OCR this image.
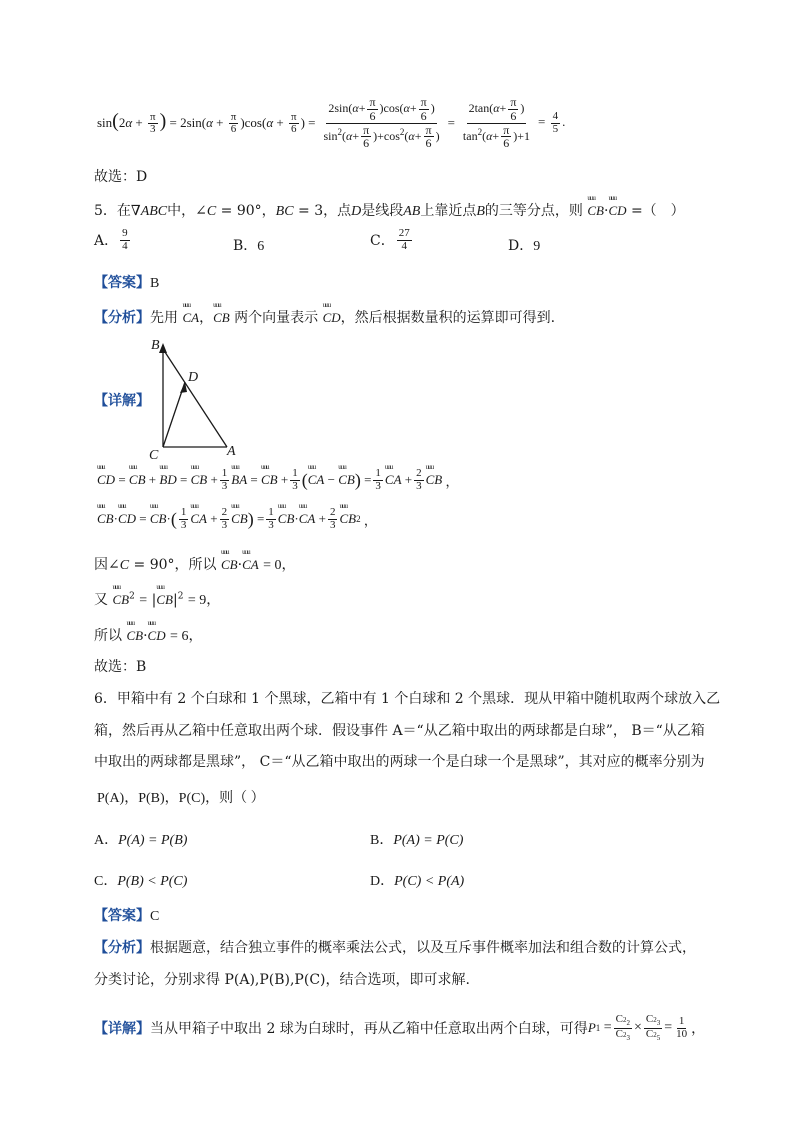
$\sin(2\alpha + \frac{\pi}{3}$ ) = $2\sin(\alpha + \frac{\pi}{6} )\cos(\alpha + \frac{\pi}{6}$ ) = $\frac{2\sin(\alpha+ \frac{\pi}{6} )\cos(\alpha+ \frac{\pi}{6} )}{\sin^2(\alpha+ \frac{\pi}{6} )+\cos^2(\alpha+ \frac{\pi}{6} )} = \frac{2\tan(\alpha+ \frac{\pi}{6} )}{\tan^2(\alpha+ \frac{\pi}{6} )+1} = \frac{4}{5}$ .
故选：D
5．在∇ABC中，∠C = 90°，BC = 3，点D是线段AB上靠近点B的三等分点，则 uuu CB·uuu CD =（　）
A． $\frac{9}{4}$	B．6	C． $\frac{27}{4}$	D．9
【答案】B
【分析】先用 uuu CA，uuu CB 两个向量表示 uuu CD，然后根据数量积的运算即可得到.
【详解】
B
D
C	A
uuu CD = uuu CB + uuu BD = uuu CB + $\frac{1}{3}$ uuu BA = uuu CB + $\frac{1}{3}$ ( uuu CA − uuu CB ) = $\frac{1}{3}$ uuu CA + $\frac{2}{3}$ uuu CB ，
uuu CB · uuu CD = uuu CB · ( $\frac{1}{3}$ uuu CA + $\frac{2}{3}$ uuu CB ) = $\frac{1}{3}$ uuu CB · uuu CA + $\frac{2}{3}$ uuu CB 2 ，
因∠C = 90°，所以 uuu CB·uuu CA = 0，
又 uuu $CB^2 = |uuu$ $CB|^2 = 9$，
所以 uuu CB·uuu CD = 6，
故选：B
6．甲箱中有 2 个白球和 1 个黑球，乙箱中有 1 个白球和 2 个黑球．现从甲箱中随机取两个球放入乙
箱，然后再从乙箱中任意取出两个球．假设事件 A＝“从乙箱中取出的两球都是白球”， B＝“从乙箱
中取出的两球都是黑球”， C＝“从乙箱中取出的两球一个是白球一个是黑球”，其对应的概率分别为
P(A)，P(B)，P(C)，则（ ）
A．P(A) = P(B)	B．P(A) = P(C)
C．P(B) < P(C)	D．P(C) < P(A)
【答案】C
【分析】根据题意，结合独立事件的概率乘法公式，以及互斥事件概率加法和组合数的计算公式，
分类讨论，分别求得 P(A),P(B),P(C)，结合选项，即可求解.
【详解】 当从甲箱子中取出 2 球为白球时，再从乙箱中任意取出两个白球，可得 P $1 = \frac{C2_2}{C2_3} \times \frac{C2_3}{C2_5} = \frac{1}{10}$ ，
